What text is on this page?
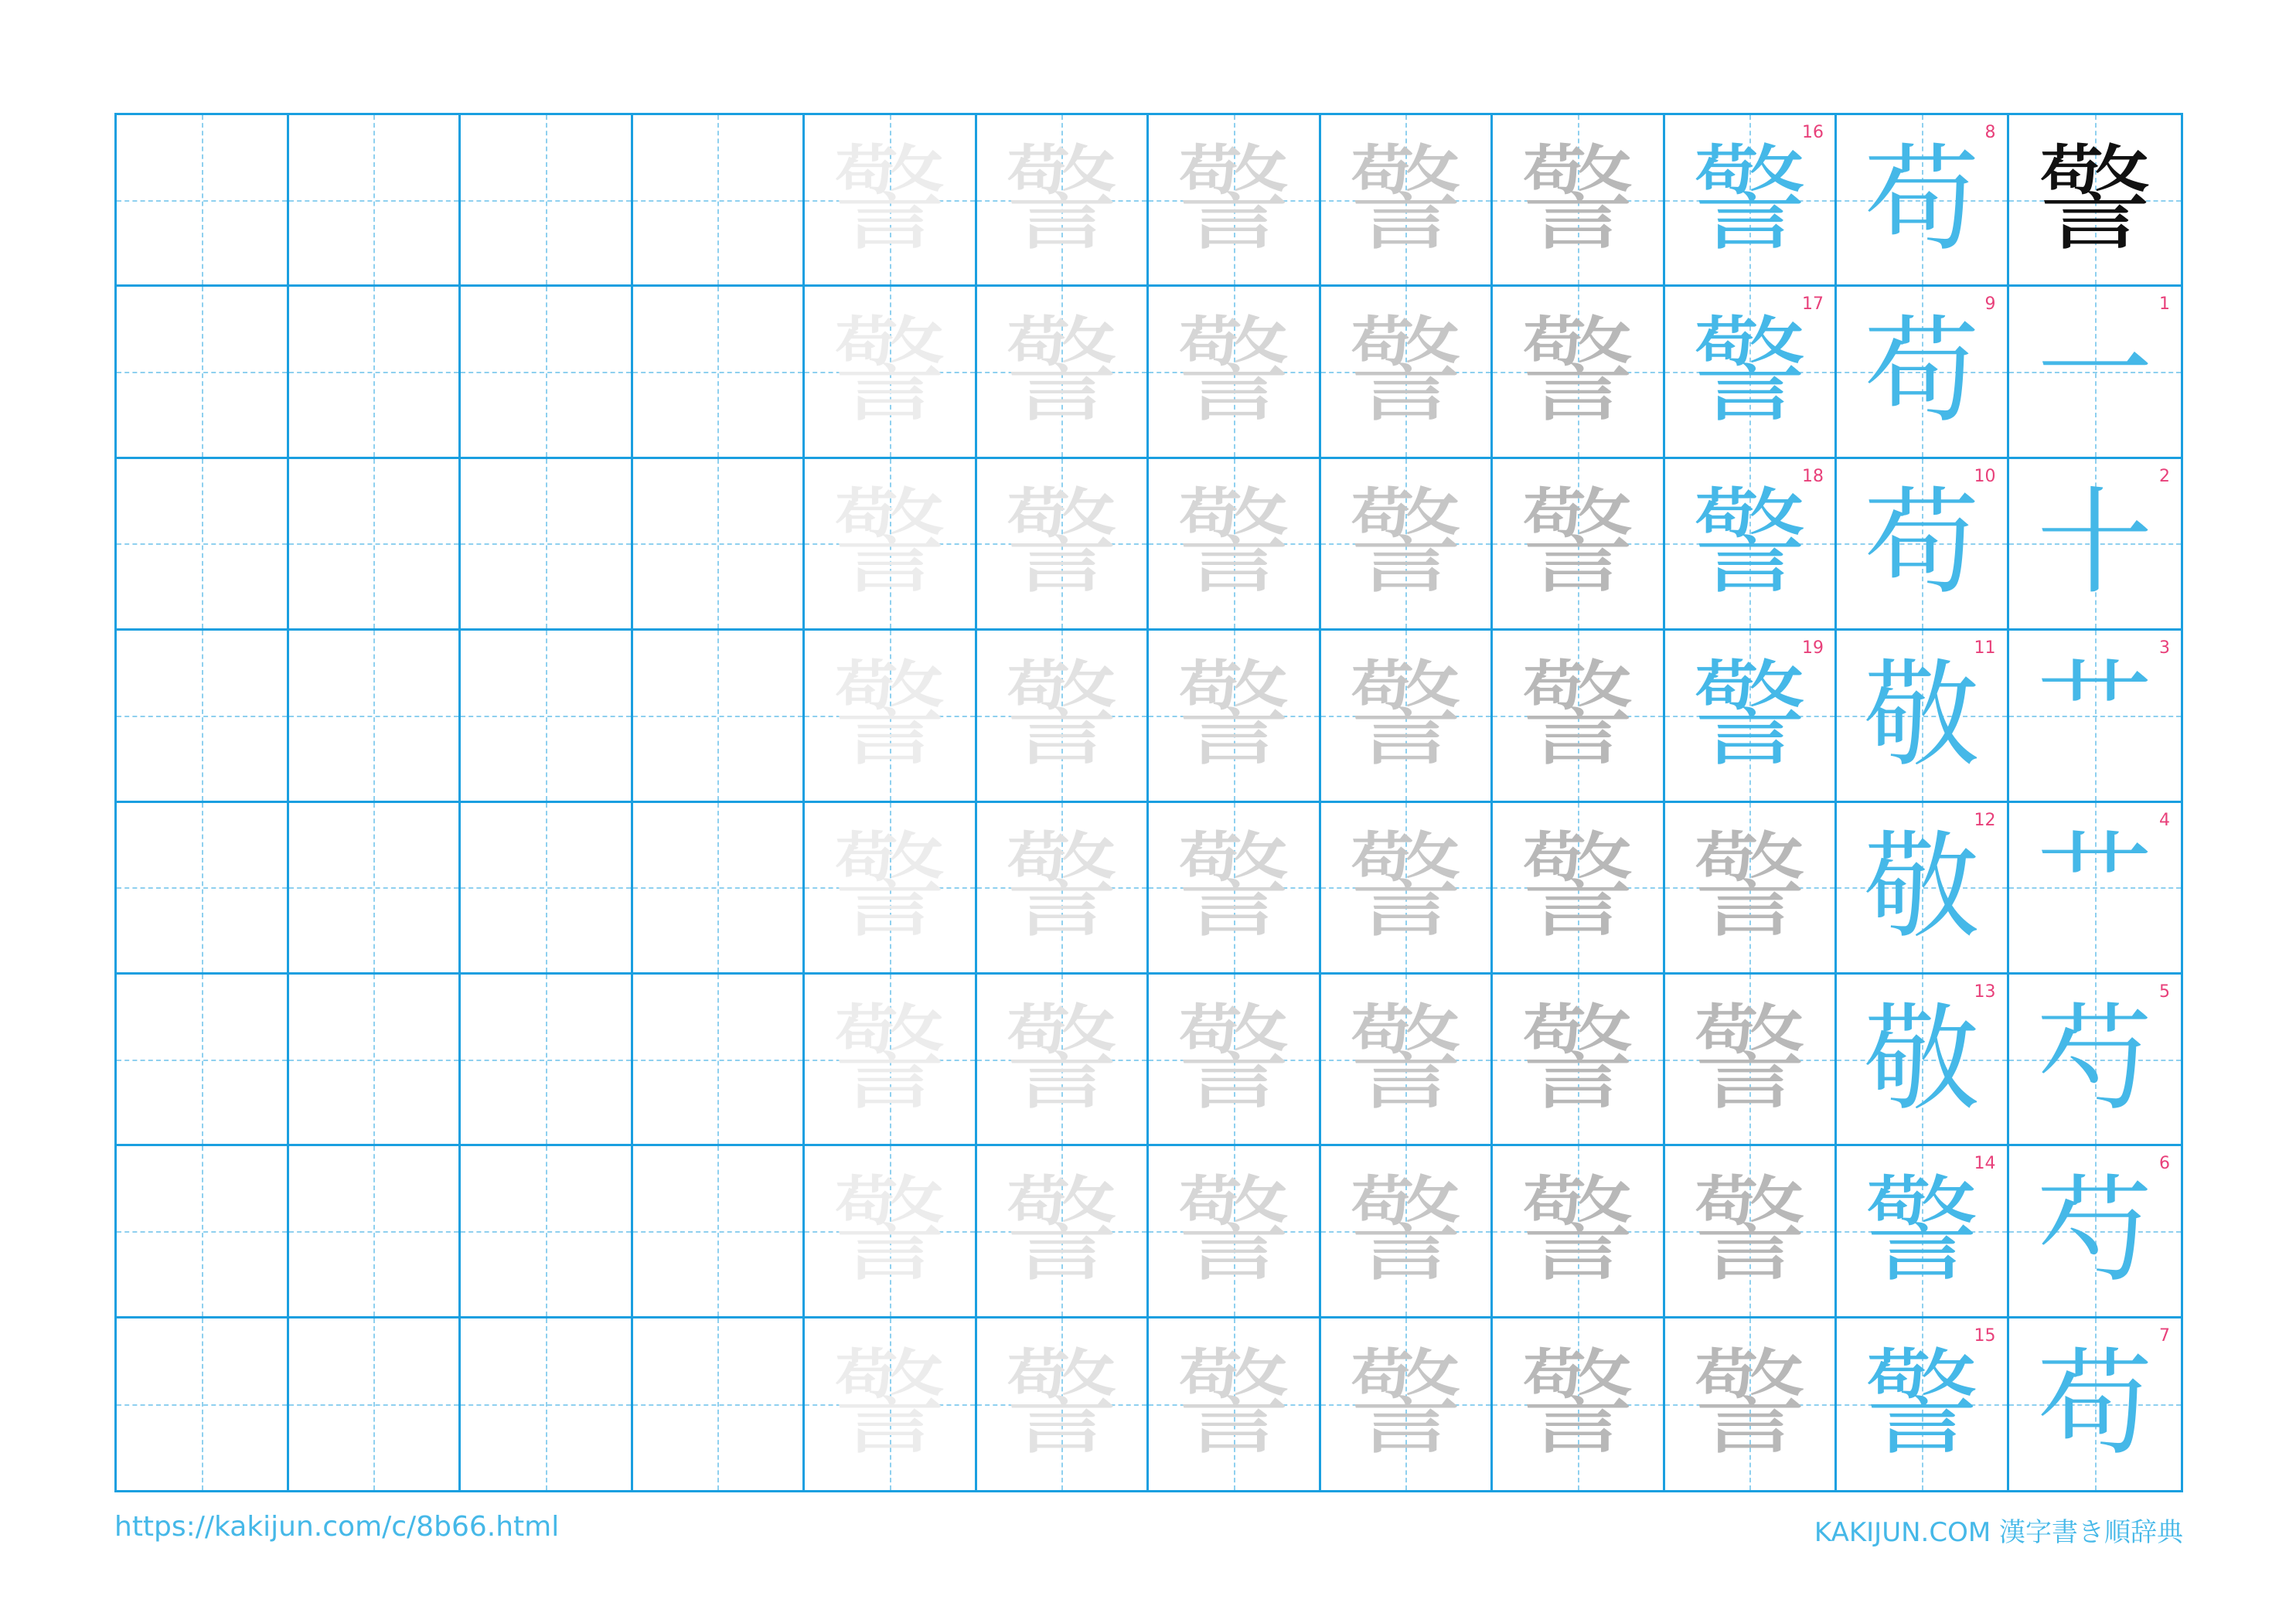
警 警 警 警 警 警
16
苟
8
警
警 警 警 警 警 警
17
苟
9
一
1
警 警 警 警 警 警
18
苟
10
十
2
警 警 警 警 警 警
19
敬
11
艹
3
警 警 警 警 警 警 敬
12
艹
4
警 警 警 警 警 警 敬
13
芍
5
警 警 警 警 警 警 警
14
芍
6
警 警 警 警 警 警 警
15
苟
7
https://kakijun.com/c/8b66.html	KAKIJUN.COM 漢字書き順辞典
